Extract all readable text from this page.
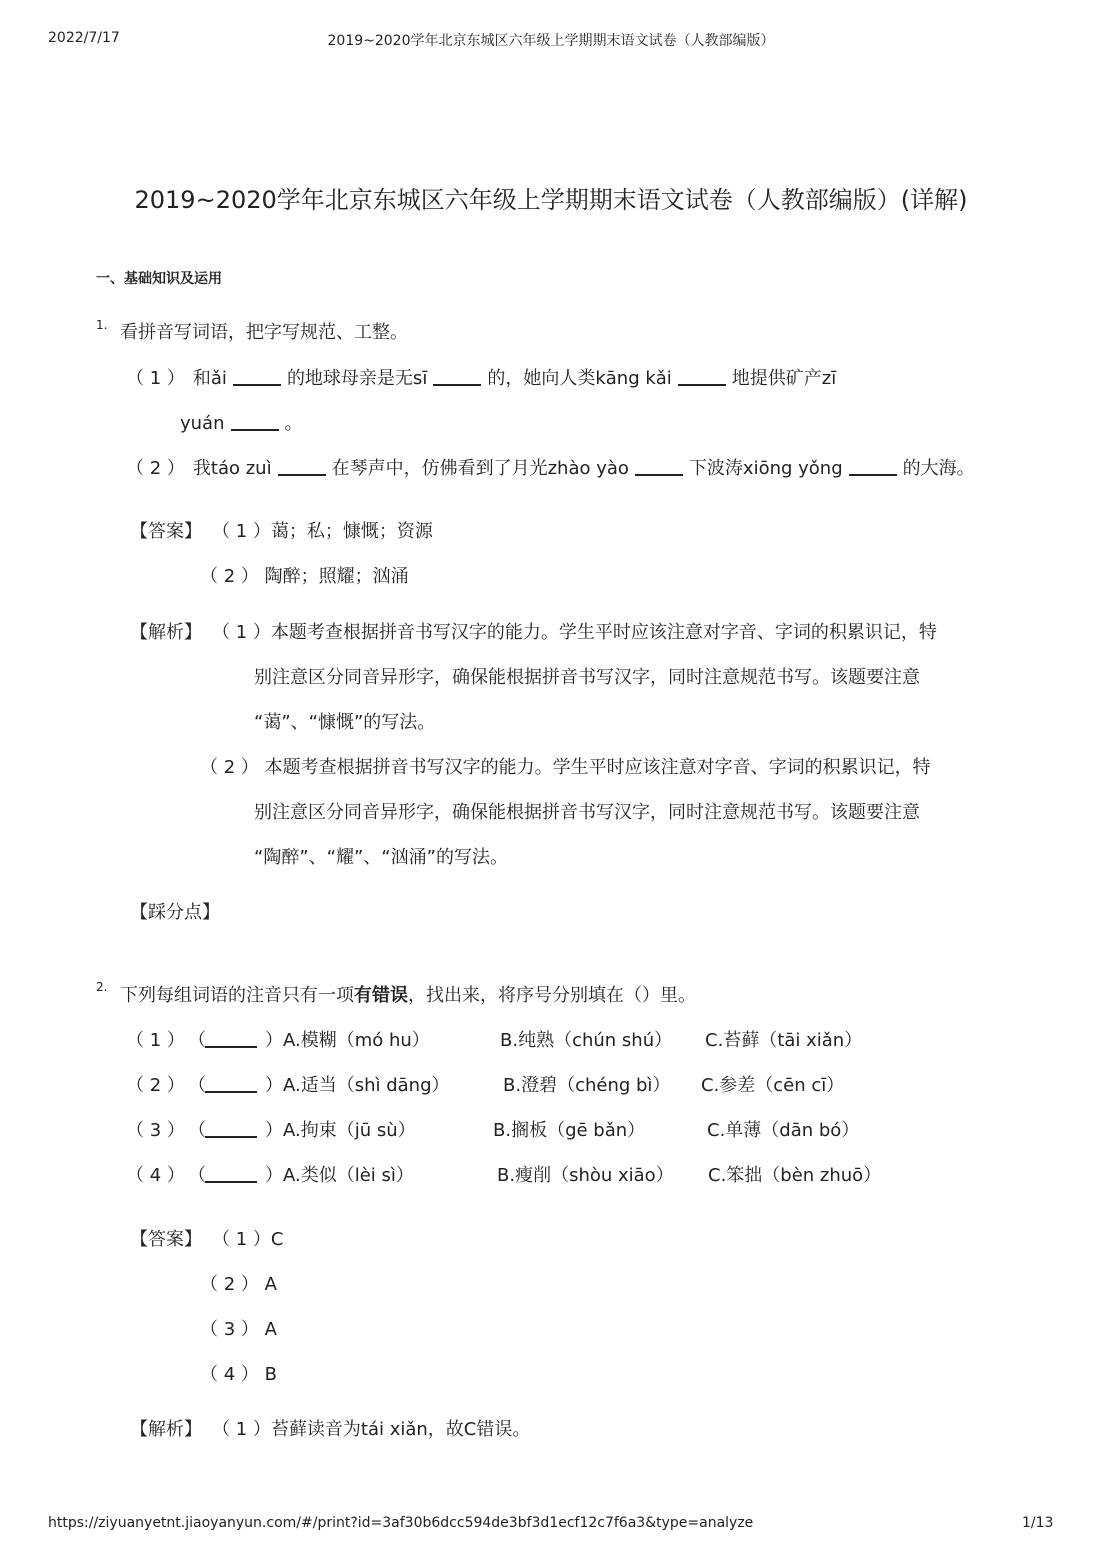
2022/7/17	2019~2020学年北京东城区六年级上学期期末语文试卷（人教部编版）
2019~2020学年北京东城区六年级上学期期末语文试卷（人教部编版）(详解)
一、基础知识及运用
1. 看拼音写词语，把字写规范、工整。
（ 1 ） 和ǎi	的地球母亲是无sī	的，她向人类kāng kǎi	地提供矿产zī
yuán	。
（ 2 ） 我táo zuì	在琴声中，仿佛看到了月光zhào yào	下波涛xiōng yǒng	的大海。
【答案】 （ 1 ）蔼；私；慷慨；资源
（ 2 ） 陶醉；照耀；汹涌
【解析】 （ 1 ）本题考查根据拼音书写汉字的能力。学生平时应该注意对字音、字词的积累识记，特
别注意区分同音异形字，确保能根据拼音书写汉字，同时注意规范书写。该题要注意
“蔼”、“慷慨”的写法。
（ 2 ） 本题考查根据拼音书写汉字的能力。学生平时应该注意对字音、字词的积累识记，特
别注意区分同音异形字，确保能根据拼音书写汉字，同时注意规范书写。该题要注意
“陶醉”、“耀”、“汹涌”的写法。
【踩分点】
2. 下列每组词语的注音只有一项有错误，找出来，将序号分别填在（）里。
（ 1 ） （	）A.模糊（mó hu）	B.纯熟（chún shú） C.苔藓（tāi xiǎn）
（ 2 ） （	）A.适当（shì dāng）	B.澄碧（chéng bì） C.参差（cēn cī）
（ 3 ） （	）A.拘束（jū sù）	B.搁板（gē bǎn）	C.单薄（dān bó）
（ 4 ） （	）A.类似（lèi sì）	B.瘦削（shòu xiāo） C.笨拙（bèn zhuō）
【答案】 （ 1 ）C
（ 2 ） A
（ 3 ） A
（ 4 ） B
【解析】 （ 1 ）苔藓读音为tái xiǎn，故C错误。
https://ziyuanyetnt.jiaoyanyun.com/#/print?id=3af30b6dcc594de3bf3d1ecf12c7f6a3&type=analyze	1/13
